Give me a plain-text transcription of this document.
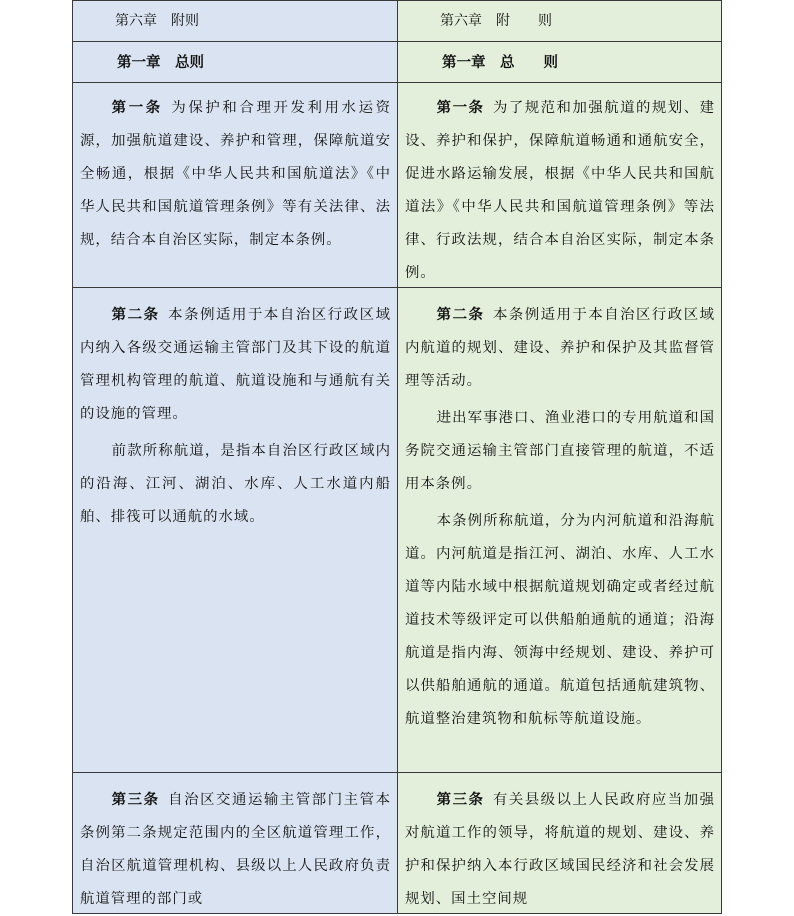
第六章　附则	第六章　附　　则
第一章　总则	第一章　总　　则

第一条 为保护和合理开发利用水运资源，加强航道建设、养护和管理，保障航道安全畅通，根据《中华人民共和国航道法》《中华人民共和国航道管理条例》等有关法律、法规，结合本自治区实际，制定本条例。

第一条 为了规范和加强航道的规划、建设、养护和保护，保障航道畅通和通航安全，促进水路运输发展，根据《中华人民共和国航道法》《中华人民共和国航道管理条例》等法律、行政法规，结合本自治区实际，制定本条例。

第二条 本条例适用于本自治区行政区域内纳入各级交通运输主管部门及其下设的航道管理机构管理的航道、航道设施和与通航有关的设施的管理。

前款所称航道，是指本自治区行政区域内的沿海、江河、湖泊、水库、人工水道内船舶、排筏可以通航的水域。

第二条 本条例适用于本自治区行政区域内航道的规划、建设、养护和保护及其监督管理等活动。

进出军事港口、渔业港口的专用航道和国务院交通运输主管部门直接管理的航道，不适用本条例。

本条例所称航道，分为内河航道和沿海航道。内河航道是指江河、湖泊、水库、人工水道等内陆水域中根据航道规划确定或者经过航道技术等级评定可以供船舶通航的通道；沿海航道是指内海、领海中经规划、建设、养护可以供船舶通航的通道。航道包括通航建筑物、航道整治建筑物和航标等航道设施。

第三条 自治区交通运输主管部门主管本条例第二条规定范围内的全区航道管理工作，自治区航道管理机构、县级以上人民政府负责航道管理的部门或

第三条 有关县级以上人民政府应当加强对航道工作的领导，将航道的规划、建设、养护和保护纳入本行政区域国民经济和社会发展规划、国土空间规
